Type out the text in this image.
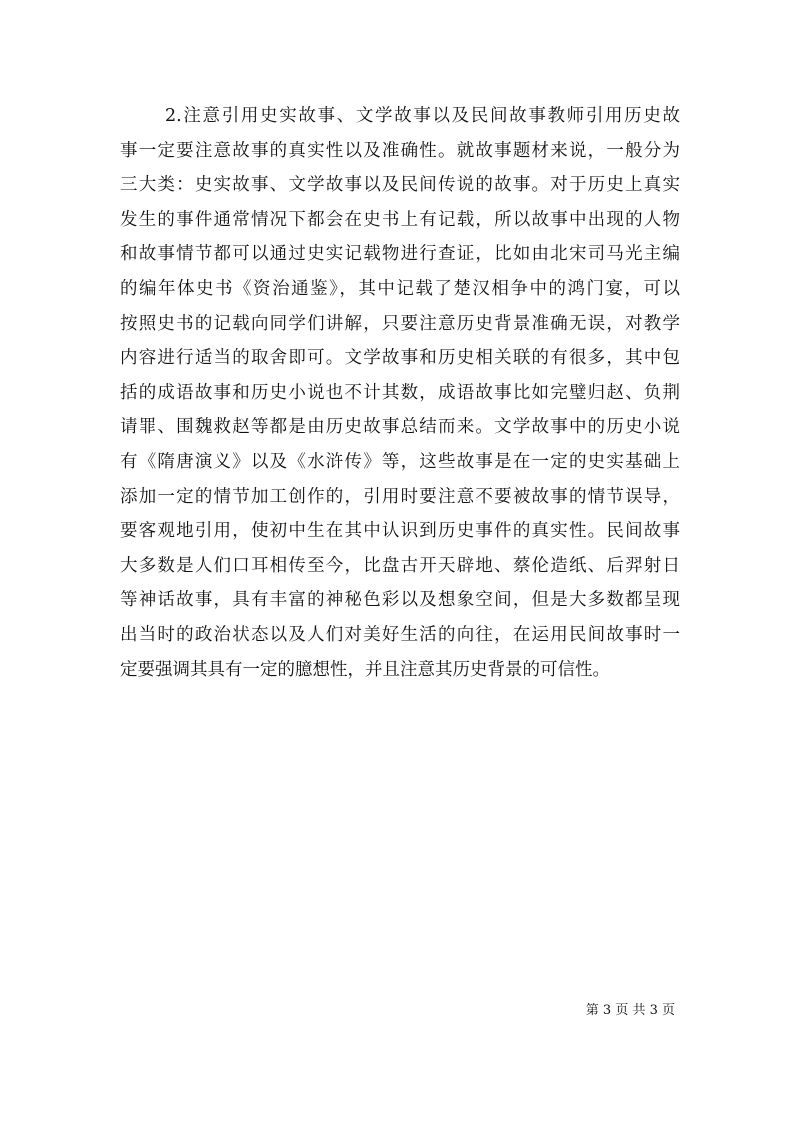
2.注意引用史实故事、文学故事以及民间故事教师引用历史故
事一定要注意故事的真实性以及准确性。就故事题材来说，一般分为
三大类：史实故事、文学故事以及民间传说的故事。对于历史上真实
发生的事件通常情况下都会在史书上有记载，所以故事中出现的人物
和故事情节都可以通过史实记载物进行查证，比如由北宋司马光主编
的编年体史书《资治通鉴》，其中记载了楚汉相争中的鸿门宴，可以
按照史书的记载向同学们讲解，只要注意历史背景准确无误，对教学
内容进行适当的取舍即可。文学故事和历史相关联的有很多，其中包
括的成语故事和历史小说也不计其数，成语故事比如完璧归赵、负荆
请罪、围魏救赵等都是由历史故事总结而来。文学故事中的历史小说
有《隋唐演义》以及《水浒传》等，这些故事是在一定的史实基础上
添加一定的情节加工创作的，引用时要注意不要被故事的情节误导，
要客观地引用，使初中生在其中认识到历史事件的真实性。民间故事
大多数是人们口耳相传至今，比盘古开天辟地、蔡伦造纸、后羿射日
等神话故事，具有丰富的神秘色彩以及想象空间，但是大多数都呈现
出当时的政治状态以及人们对美好生活的向往，在运用民间故事时一
定要强调其具有一定的臆想性，并且注意其历史背景的可信性。
第 3 页 共 3 页
